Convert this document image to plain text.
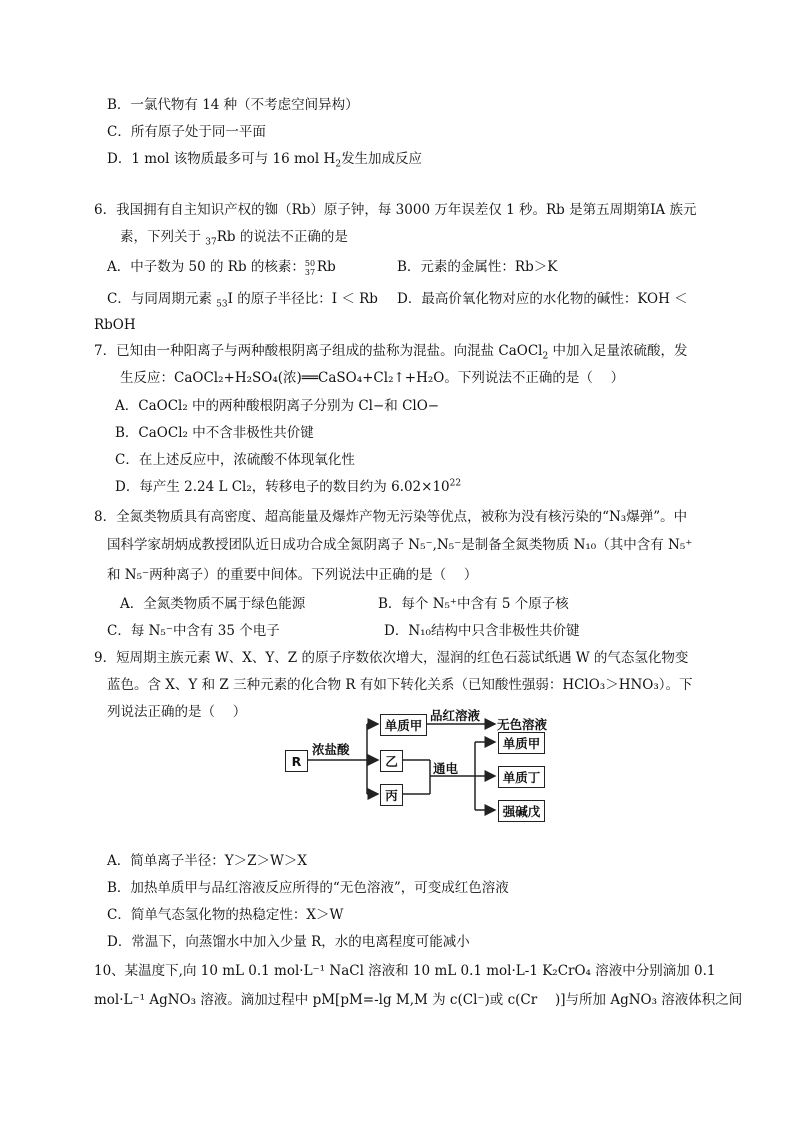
B．一氯代物有 14 种（不考虑空间异构）
C．所有原子处于同一平面
D．1 mol 该物质最多可与 16 mol $H_2$发生加成反应
6．我国拥有自主知识产权的铷（Rb）原子钟，每 3000 万年误差仅 1 秒。Rb 是第五周期第ⅠA 族元
素，下列关于 $_{37}$Rb 的说法不正确的是
A．中子数为 50 的 Rb 的核素： 50
37 Rb	B．元素的金属性：Rb＞K
C．与同周期元素 $_{53}$I 的原子半径比：I ＜ Rb D．最高价氧化物对应的水化物的碱性：KOH ＜
RbOH
7．已知由一种阳离子与两种酸根阴离子组成的盐称为混盐。向混盐 CaOCl$_2$ 中加入足量浓硫酸，发
生反应：CaOCl₂+H₂SO₄(浓)══CaSO₄+Cl₂↑+H₂O。下列说法不正确的是（　 ）
A．CaOCl₂ 中的两种酸根阴离子分别为 Cl−和 ClO−
B．CaOCl₂ 中不含非极性共价键
C．在上述反应中，浓硫酸不体现氧化性
D．每产生 2.24 L Cl₂，转移电子的数目约为 $6.02\times 10^{22}$
8．全氮类物质具有高密度、超高能量及爆炸产物无污染等优点，被称为没有核污染的“N₃爆弹”。中
国科学家胡炳成教授团队近日成功合成全氮阴离子 N₅⁻,N₅⁻是制备全氮类物质 N₁₀（其中含有 N₅⁺
和 N₅⁻两种离子）的重要中间体。下列说法中正确的是（　 ）
A．全氮类物质不属于绿色能源	B．每个 N₅⁺中含有 5 个原子核
C．每 N₅⁻中含有 35 个电子	D．N₁₀结构中只含非极性共价键
9．短周期主族元素 W、X、Y、Z 的原子序数依次增大，湿润的红色石蕊试纸遇 W 的气态氢化物变
蓝色。含 X、Y 和 Z 三种元素的化合物 R 有如下转化关系（已知酸性强弱：HClO₃＞HNO₃）。下
列说法正确的是（　 ）
R
浓盐酸
单质甲
品红溶液
无色溶液
乙
丙
通电
单质甲
单质丁
强碱戊
A．简单离子半径：Y＞Z＞W＞X
B．加热单质甲与品红溶液反应所得的“无色溶液”，可变成红色溶液
C．简单气态氢化物的热稳定性：X＞W
D．常温下，向蒸馏水中加入少量 R，水的电离程度可能减小
10、某温度下,向 10 mL 0.1 mol·L⁻¹ NaCl 溶液和 10 mL 0.1 mol·L-1 K₂CrO₄ 溶液中分别滴加 0.1
mol·L⁻¹ AgNO₃ 溶液。滴加过程中 pM[pM=-lg M,M 为 c(Cl⁻)或 c(Cr　 )]与所加 AgNO₃ 溶液体积之间
